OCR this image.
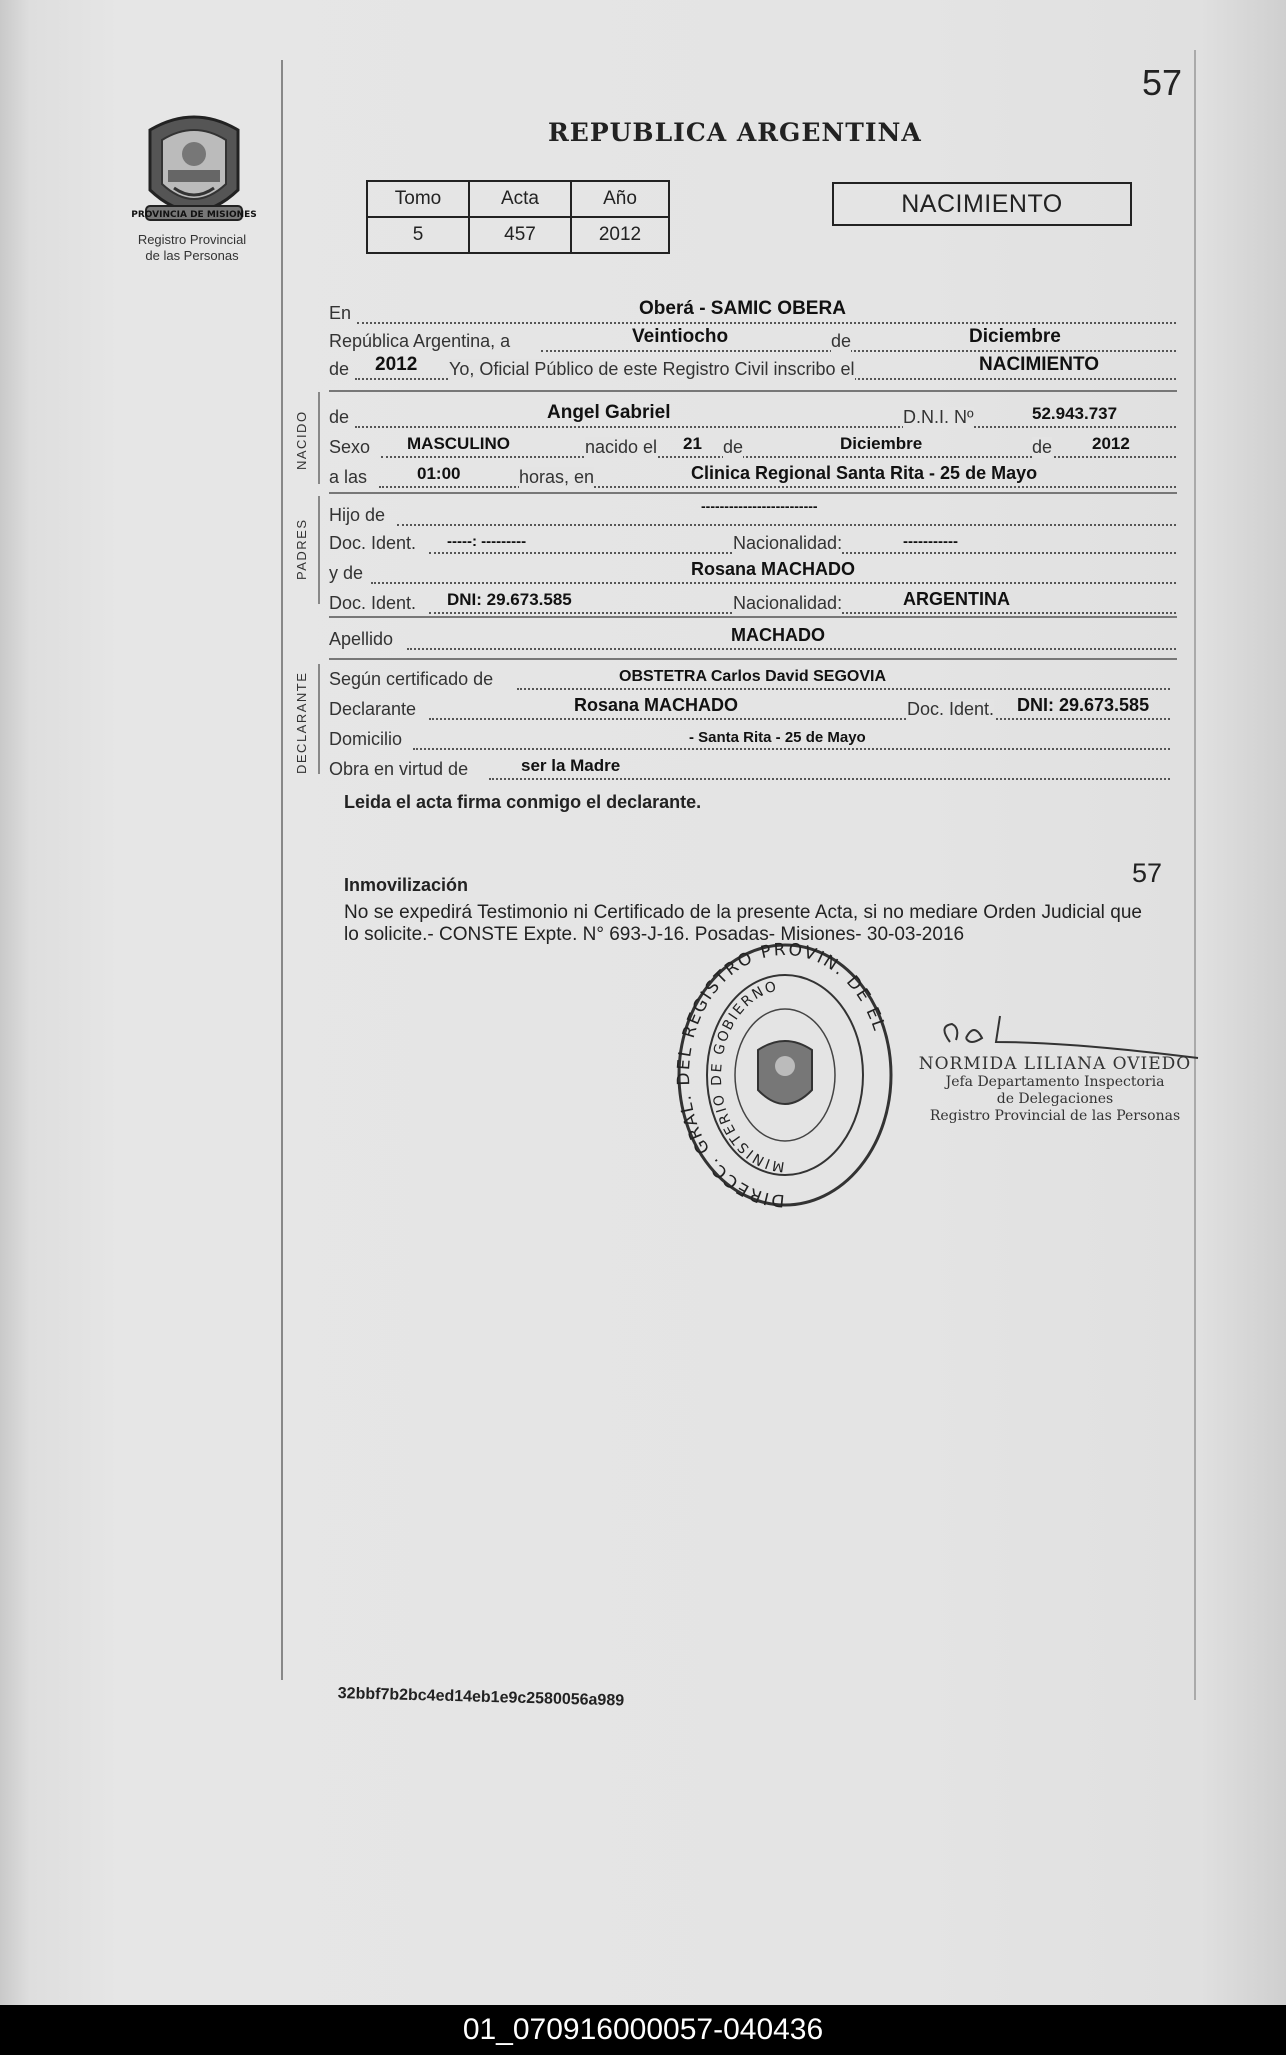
57
REPUBLICA ARGENTINA
PROVINCIA DE MISIONES
Registro Provincial
de las Personas
Tomo	Acta	Año
5	457	2012
NACIMIENTO
En	Oberá - SAMIC OBERA
República Argentina, a	Veintiocho	de	Diciembre
de 2012 Yo, Oficial Público de este Registro Civil inscribo el	NACIMIENTO
NACIDO de	Angel Gabriel	D.N.I. Nº	52.943.737
Sexo MASCULINO	nacido el 21 de	Diciembre	de 2012
a las	01:00	horas, en	Clinica Regional Santa Rita - 25 de Mayo
PADRES
Hijo de	-------------------------
Doc. Ident. -----: ---------	Nacionalidad:	-----------
y de	Rosana MACHADO
Doc. Ident. DNI: 29.673.585	Nacionalidad:	ARGENTINA
Apellido	MACHADO
DECLARANTE Según certificado de	OBSTETRA Carlos David SEGOVIA
Declarante	Rosana MACHADO	Doc. Ident. DNI: 29.673.585
Domicilio	- Santa Rita - 25 de Mayo
Obra en virtud de	ser la Madre
Leida el acta firma conmigo el declarante.
Inmovilización	57
No se expedirá Testimonio ni Certificado de la presente Acta, si no mediare Orden Judicial que lo solicite.- CONSTE Expte. N° 693-J-16. Posadas- Misiones- 30-03-2016
DIRECC. GRAL. DEL REGISTRO PROVIN. DE EL
MINISTERIO DE GOBIERNO
NORMIDA LILIANA OVIEDO
Jefa Departamento Inspectoria
de Delegaciones
Registro Provincial de las Personas
32bbf7b2bc4ed14eb1e9c2580056a989
01_070916000057-040436
